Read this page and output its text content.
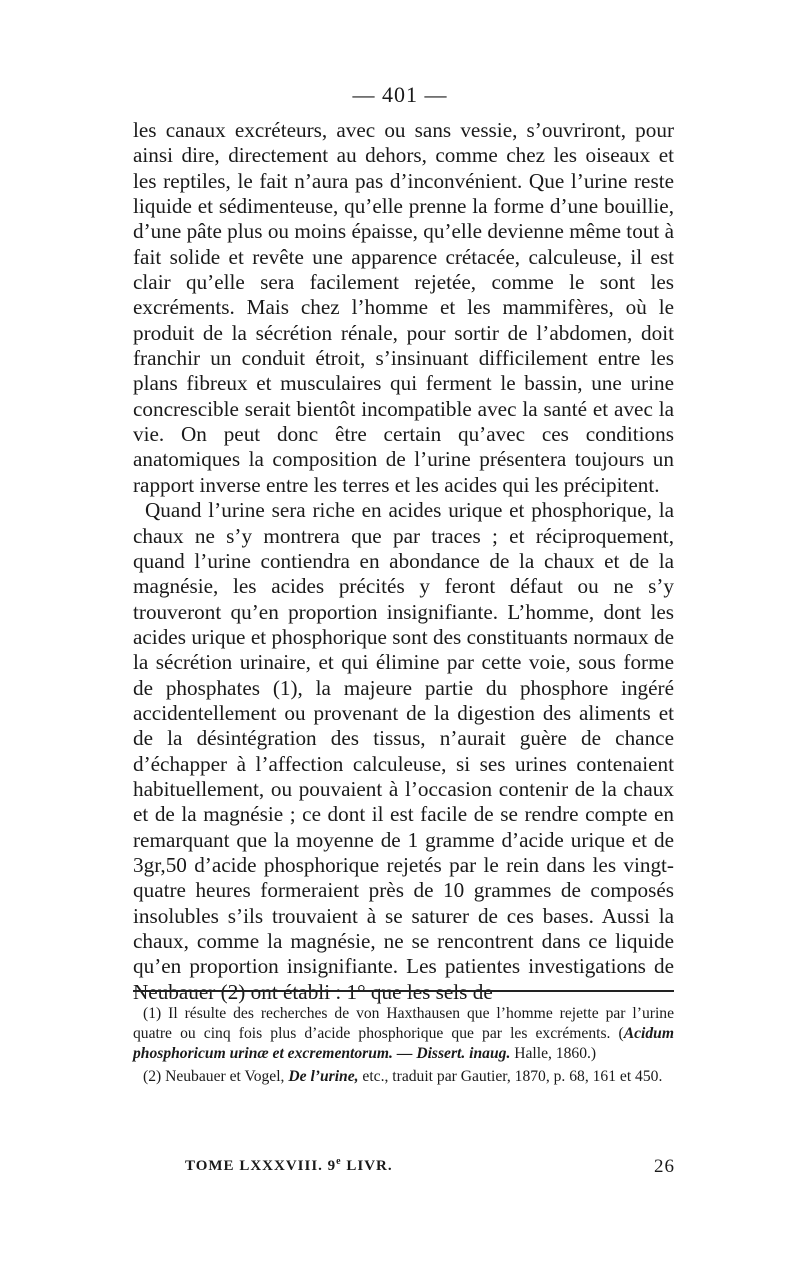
— 401 —

les canaux excréteurs, avec ou sans vessie, s’ouvriront, pour ainsi dire, directement au dehors, comme chez les oiseaux et les reptiles, le fait n’aura pas d’inconvénient. Que l’urine reste liquide et sédimenteuse, qu’elle prenne la forme d’une bouillie, d’une pâte plus ou moins épaisse, qu’elle devienne même tout à fait solide et revête une apparence crétacée, calculeuse, il est clair qu’elle sera facilement rejetée, comme le sont les excréments. Mais chez l’homme et les mammifères, où le produit de la sécrétion rénale, pour sortir de l’abdomen, doit franchir un conduit étroit, s’insinuant difficilement entre les plans fibreux et musculaires qui ferment le bassin, une urine concrescible serait bientôt incompatible avec la santé et avec la vie. On peut donc être certain qu’avec ces conditions anatomiques la composition de l’urine présentera toujours un rapport inverse entre les terres et les acides qui les précipitent.

Quand l’urine sera riche en acides urique et phosphorique, la chaux ne s’y montrera que par traces ; et réciproquement, quand l’urine contiendra en abondance de la chaux et de la magnésie, les acides précités y feront défaut ou ne s’y trouveront qu’en proportion insignifiante. L’homme, dont les acides urique et phosphorique sont des constituants normaux de la sécrétion urinaire, et qui élimine par cette voie, sous forme de phosphates (1), la majeure partie du phosphore ingéré accidentellement ou provenant de la digestion des aliments et de la désintégration des tissus, n’aurait guère de chance d’échapper à l’affection calculeuse, si ses urines contenaient habituellement, ou pouvaient à l’occasion contenir de la chaux et de la magnésie ; ce dont il est facile de se rendre compte en remarquant que la moyenne de 1 gramme d’acide urique et de 3gr,50 d’acide phosphorique rejetés par le rein dans les vingt-quatre heures formeraient près de 10 grammes de composés insolubles s’ils trouvaient à se saturer de ces bases. Aussi la chaux, comme la magnésie, ne se rencontrent dans ce liquide qu’en proportion insignifiante. Les patientes investigations de Neubauer (2) ont établi : 1° que les sels de

(1) Il résulte des recherches de von Haxthausen que l’homme rejette par l’urine quatre ou cinq fois plus d’acide phosphorique que par les excréments. (Acidum phosphoricum urinæ et excrementorum. — Dissert. inaug. Halle, 1860.)

(2) Neubauer et Vogel, De l’urine, etc., traduit par Gautier, 1870, p. 68, 161 et 450.

TOME LXXXVIII. 9e LIVR.	26
